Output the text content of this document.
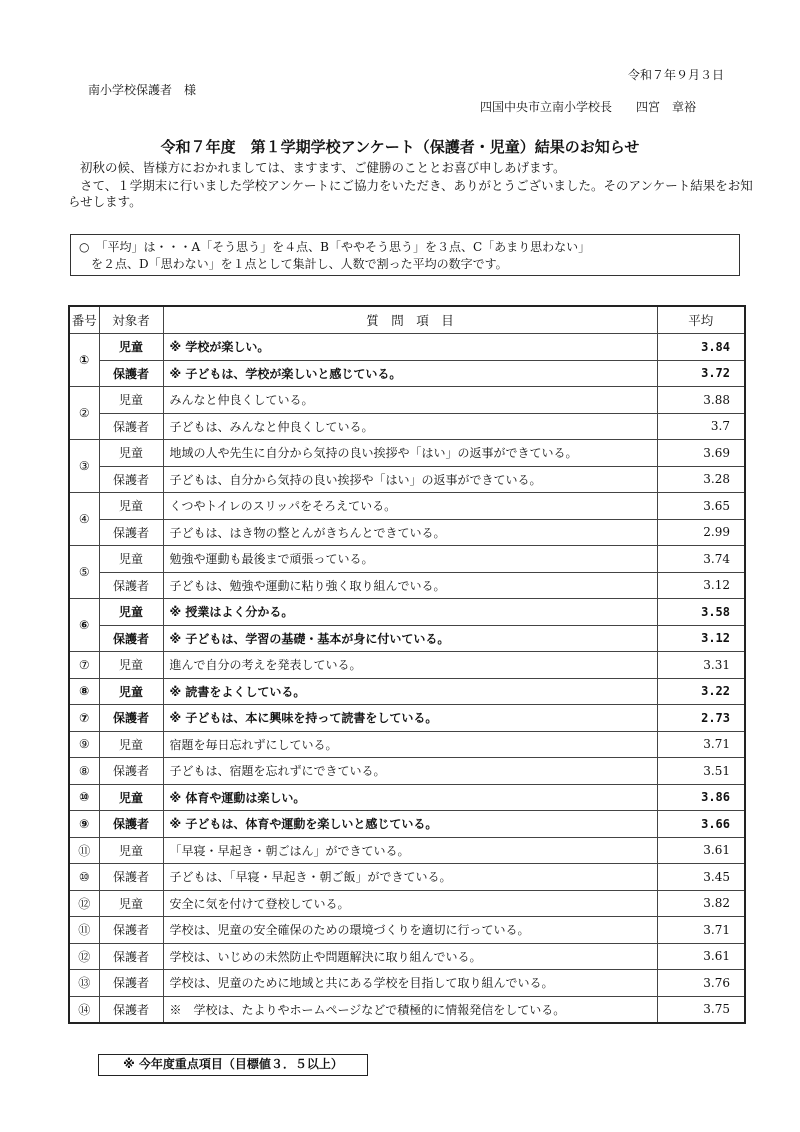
令和７年９月３日
南小学校保護者　様
四国中央市立南小学校長　　四宮　章裕
令和７年度　第１学期学校アンケート（保護者・児童）結果のお知らせ
初秋の候、皆様方におかれましては、ますます、ご健勝のこととお喜び申しあげます。
さて、１学期末に行いました学校アンケートにご協力をいただき、ありがとうございました。そのアンケート結果をお知らせします。
○　「平均」は・・・A「そう思う」を４点、B「ややそう思う」を３点、C「あまり思わない」
を２点、D「思わない」を１点として集計し、人数で割った平均の数字です。
番号	対象者	質　問　項　目	平均
①	児童	※ 学校が楽しい。	3.84
	保護者	※ 子どもは、学校が楽しいと感じている。	3.72
②	児童	みんなと仲良くしている。	3.88
	保護者	子どもは、みんなと仲良くしている。	3.7
③	児童	地域の人や先生に自分から気持の良い挨拶や「はい」の返事ができている。	3.69
	保護者	子どもは、自分から気持の良い挨拶や「はい」の返事ができている。	3.28
④	児童	くつやトイレのスリッパをそろえている。	3.65
	保護者	子どもは、はき物の整とんがきちんとできている。	2.99
⑤	児童	勉強や運動も最後まで頑張っている。	3.74
	保護者	子どもは、勉強や運動に粘り強く取り組んでいる。	3.12
⑥	児童	※ 授業はよく分かる。	3.58
	保護者	※ 子どもは、学習の基礎・基本が身に付いている。	3.12
⑦	児童	進んで自分の考えを発表している。	3.31
⑧	児童	※ 読書をよくしている。	3.22
⑦	保護者	※ 子どもは、本に興味を持って読書をしている。	2.73
⑨	児童	宿題を毎日忘れずにしている。	3.71
⑧	保護者	子どもは、宿題を忘れずにできている。	3.51
⑩	児童	※ 体育や運動は楽しい。	3.86
⑨	保護者	※ 子どもは、体育や運動を楽しいと感じている。	3.66
⑪	児童	「早寝・早起き・朝ごはん」ができている。	3.61
⑩	保護者	子どもは、「早寝・早起き・朝ご飯」ができている。	3.45
⑫	児童	安全に気を付けて登校している。	3.82
⑪	保護者	学校は、児童の安全確保のための環境づくりを適切に行っている。	3.71
⑫	保護者	学校は、いじめの未然防止や問題解決に取り組んでいる。	3.61
⑬	保護者	学校は、児童のために地域と共にある学校を目指して取り組んでいる。	3.76
⑭	保護者	※　学校は、たよりやホームページなどで積極的に情報発信をしている。	3.75
※ 今年度重点項目（目標値３．５以上）
